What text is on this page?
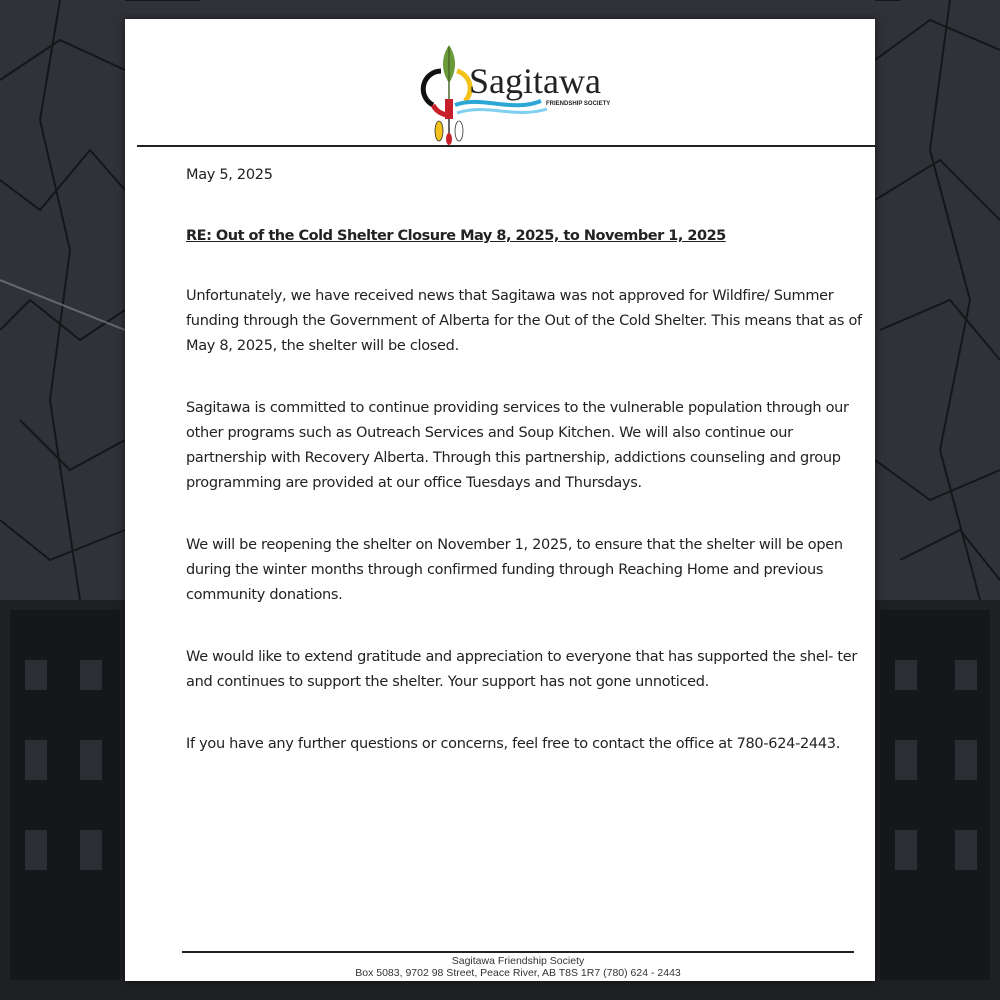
Sagitawa
FRIENDSHIP SOCIETY

May 5, 2025

RE: Out of the Cold Shelter Closure May 8, 2025, to November 1, 2025

Unfortunately, we have received news that Sagitawa was not approved for Wildfire/ Summer funding through the Government of Alberta for the Out of the Cold Shelter. This means that as of May 8, 2025, the shelter will be closed.

Sagitawa is committed to continue providing services to the vulnerable population through our other programs such as Outreach Services and Soup Kitchen. We will also continue our partnership with Recovery Alberta. Through this partnership, addictions counseling and group programming are provided at our office Tuesdays and Thursdays.

We will be reopening the shelter on November 1, 2025, to ensure that the shelter will be open during the winter months through confirmed funding through Reaching Home and previous community donations.

We would like to extend gratitude and appreciation to everyone that has supported the shel- ter and continues to support the shelter. Your support has not gone unnoticed.

If you have any further questions or concerns, feel free to contact the office at 780-624-2443.

Sagitawa Friendship Society
Box 5083, 9702 98 Street, Peace River, AB T8S 1R7 (780) 624 - 2443
